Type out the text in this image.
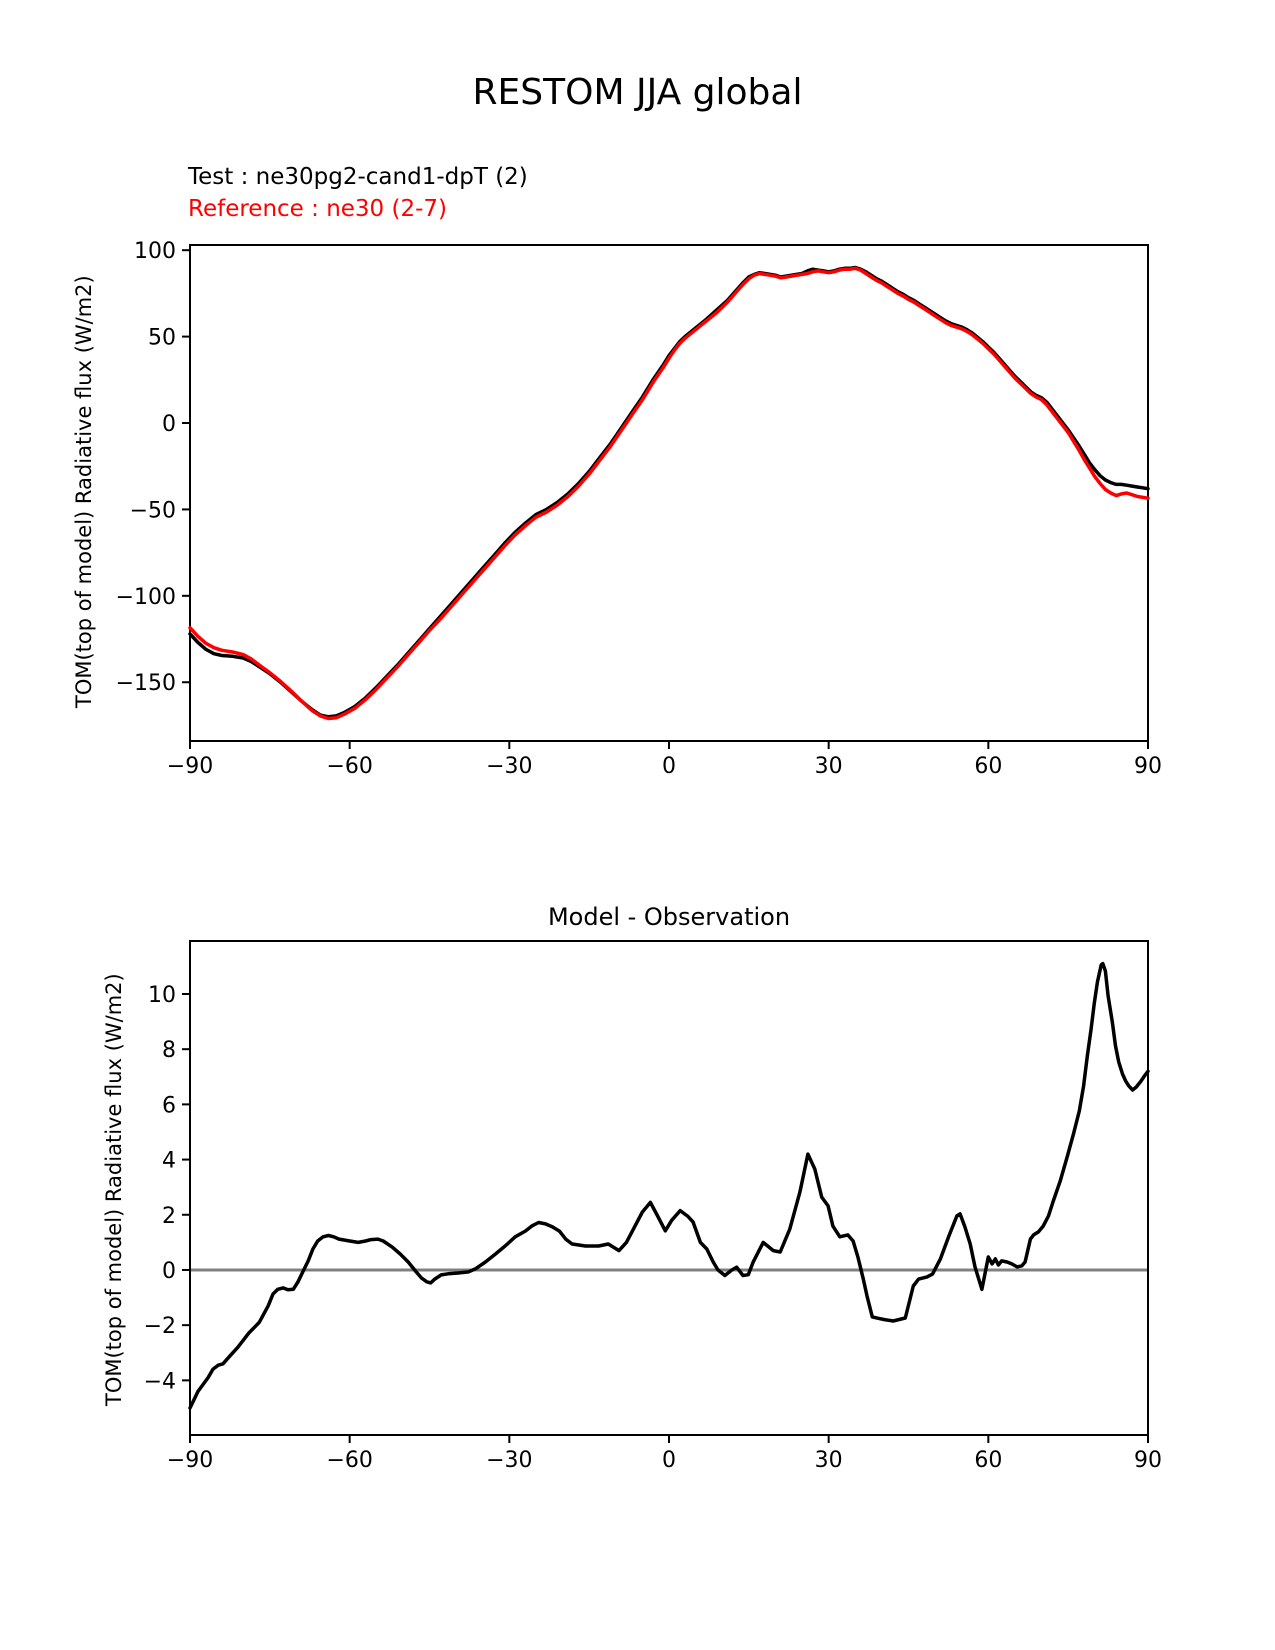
RESTOM JJA global
Test : ne30pg2-cand1-dpT (2)
Reference : ne30 (2-7)
Model - Observation
TOM(top of model) Radiative flux (W/m2)
TOM(top of model) Radiative flux (W/m2)
−90	−60	−30	0	30	60	90
100
50
0
−50
−100
−150
−90	−60	−30	0	30	60	90
10
8
6
4
2
0
−2
−4
